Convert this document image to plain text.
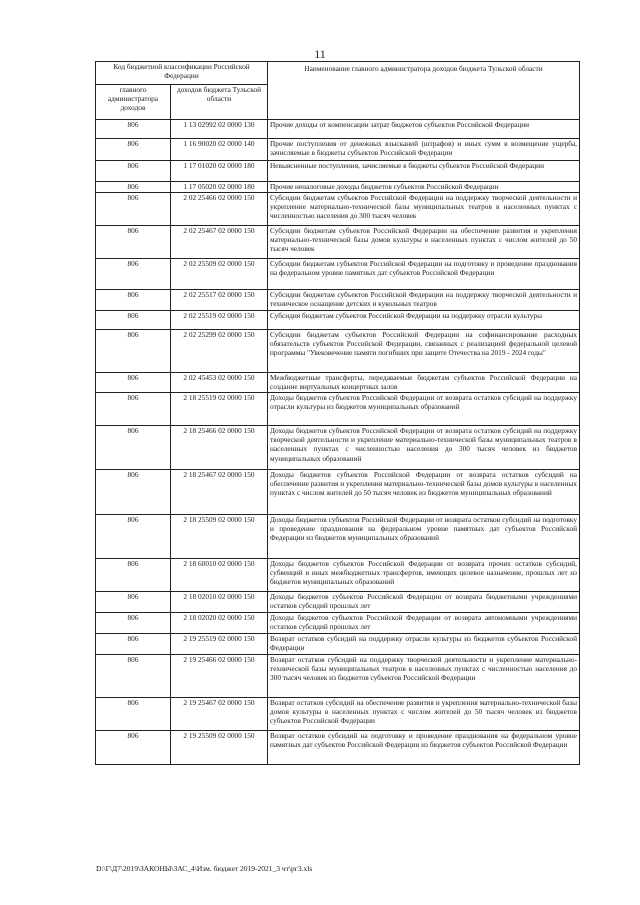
11
Код бюджетной классификации Российской Федерации		Наименование главного администратора доходов бюджета Тульской области
главного администратора доходов	доходов бюджета Тульской области	
806	1 13 02992 02 0000 130	Прочие доходы от компенсации затрат бюджетов субъектов Российской Федерации
806	1 16 90020 02 0000 140	Прочие поступления от денежных взысканий (штрафов) и иных сумм в возмещение ущерба, зачисляемые в бюджеты субъектов Российской Федерации
806	1 17 01020 02 0000 180	Невыясненные поступления, зачисляемые в бюджеты субъектов Российской Федерации
806	1 17 05020 02 0000 180	Прочие неналоговые доходы бюджетов субъектов Российской Федерации
806	2 02 25466 02 0000 150	Субсидии бюджетам субъектов Российской Федерации на поддержку творческой деятельности и укрепление материально-технической базы муниципальных театров в населенных пунктах с численностью населения до 300 тысяч человек
806	2 02 25467 02 0000 150	Субсидии бюджетам субъектов Российской Федерации на обеспечение развития и укрепления материально-технической базы домов культуры в населенных пунктах с числом жителей до 50 тысяч человек
806	2 02 25509 02 0000 150	Субсидии бюджетам субъектов Российской Федерации на подготовку и проведение празднования на федеральном уровне памятных дат субъектов Российской Федерации
806	2 02 25517 02 0000 150	Субсидии бюджетам субъектов Российской Федерации на поддержку творческой деятельности и техническое оснащение детских и кукольных театров
806	2 02 25519 02 0000 150	Субсидия бюджетам субъектов Российской Федерации на поддержку отрасли культуры
806	2 02 25299 02 0000 150	Субсидии бюджетам субъектов Российской Федерации на софинансирование расходных обязательств субъектов Российской Федерации, связанных с реализацией федеральной целевой программы "Увековечение памяти погибших при защите Отечества на 2019 - 2024 годы"
806	2 02 45453 02 0000 150	Межбюджетные трансферты, передаваемые бюджетам субъектов Российской Федерации на создание виртуальных концертных залов
806	2 18 25519 02 0000 150	Доходы бюджетов субъектов Российской Федерации от возврата остатков субсидий на поддержку отрасли культуры из бюджетов муниципальных образований
806	2 18 25466 02 0000 150	Доходы бюджетов субъектов Российской Федерации от возврата остатков субсидий на поддержку творческой деятельности и укрепление материально-технической базы муниципальных театров в населенных пунктах с численностью населения до 300 тысяч человек из бюджетов муниципальных образований
806	2 18 25467 02 0000 150	Доходы бюджетов субъектов Российской Федерации от возврата остатков субсидий на обеспечение развития и укрепления материально-технической базы домов культуры в населенных пунктах с числом жителей до 50 тысяч человек из бюджетов муниципальных образований
806	2 18 25509 02 0000 150	Доходы бюджетов субъектов Российской Федерации от возврата остатков субсидий на подготовку и проведение празднования на федеральном уровне памятных дат субъектов Российской Федерации из бюджетов муниципальных образований
806	2 18 60010 02 0000 150	Доходы бюджетов субъектов Российской Федерации от возврата прочих остатков субсидий, субвенций и иных межбюджетных трансфертов, имеющих целевое назначение, прошлых лет из бюджетов муниципальных образований
806	2 18 02010 02 0000 150	Доходы бюджетов субъектов Российской Федерации от возврата бюджетными учреждениями остатков субсидий прошлых лет
806	2 18 02020 02 0000 150	Доходы бюджетов субъектов Российской Федерации от возврата автономными учреждениями остатков субсидий прошлых лет
806	2 19 25519 02 0000 150	Возврат остатков субсидий на поддержку отрасли культуры из бюджетов субъектов Российской Федерации
806	2 19 25466 02 0000 150	Возврат остатков субсидий на поддержку творческой деятельности и укрепление материально-технической базы муниципальных театров в населенных пунктах с численностью населения до 300 тысяч человек из бюджетов субъектов Российской Федерации
806	2 19 25467 02 0000 150	Возврат остатков субсидий на обеспечение развития и укрепления материально-технической базы домов культуры в населенных пунктах с числом жителей до 50 тысяч человек из бюджетов субъектов Российской Федерации
806	2 19 25509 02 0000 150	Возврат остатков субсидий на подготовку и проведение празднования на федеральном уровне памятных дат субъектов Российской Федерации из бюджетов субъектов Российской Федерации
D:\Г\Д7\2019\ЗАКОНЫ\ЗАС_4\Изм. бюджет 2019-2021_3 чт\рг3.xls
